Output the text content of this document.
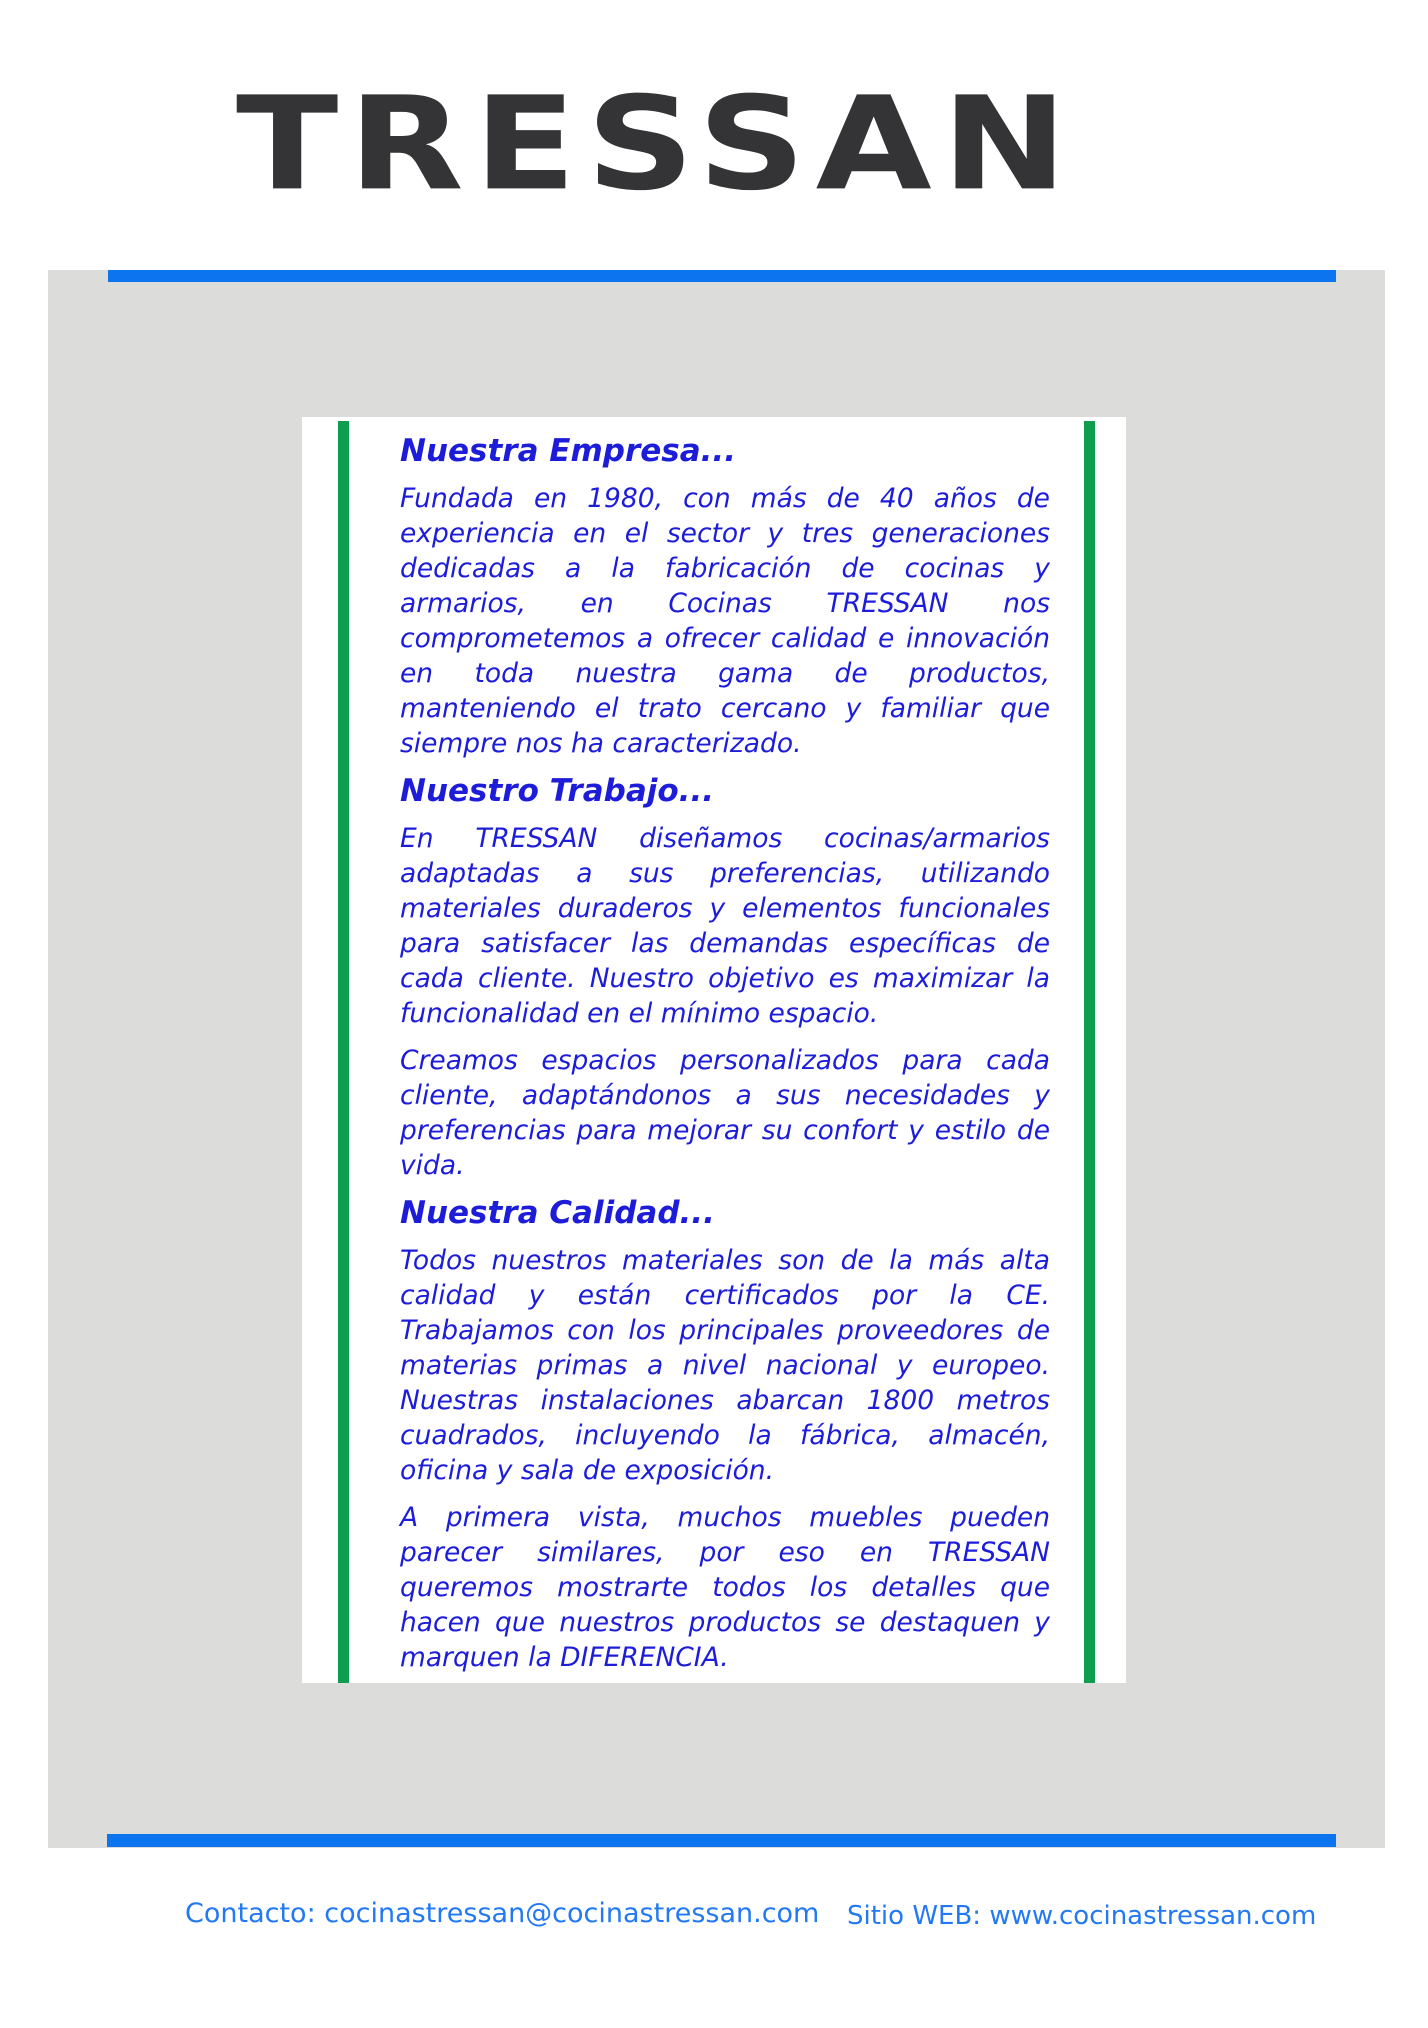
TRESSAN
Nuestra Empresa...

Fundada en 1980, con más de 40 años de experiencia en el sector y tres generaciones dedicadas a la fabricación de cocinas y armarios, en Cocinas TRESSAN nos comprometemos a ofrecer calidad e innovación en toda nuestra gama de productos, manteniendo el trato cercano y familiar que siempre nos ha caracterizado.

Nuestro Trabajo...

En TRESSAN diseñamos cocinas/armarios adaptadas a sus preferencias, utilizando materiales duraderos y elementos funcionales para satisfacer las demandas específicas de cada cliente. Nuestro objetivo es maximizar la funcionalidad en el mínimo espacio.

Creamos espacios personalizados para cada cliente, adaptándonos a sus necesidades y preferencias para mejorar su confort y estilo de vida.

Nuestra Calidad...

Todos nuestros materiales son de la más alta calidad y están certificados por la CE. Trabajamos con los principales proveedores de materias primas a nivel nacional y europeo. Nuestras instalaciones abarcan 1800 metros cuadrados, incluyendo la fábrica, almacén, oficina y sala de exposición.

A primera vista, muchos muebles pueden parecer similares, por eso en TRESSAN queremos mostrarte todos los detalles que hacen que nuestros productos se destaquen y marquen la DIFERENCIA.

Contacto: cocinastressan@cocinastressan.com Sitio WEB: www.cocinastressan.com
